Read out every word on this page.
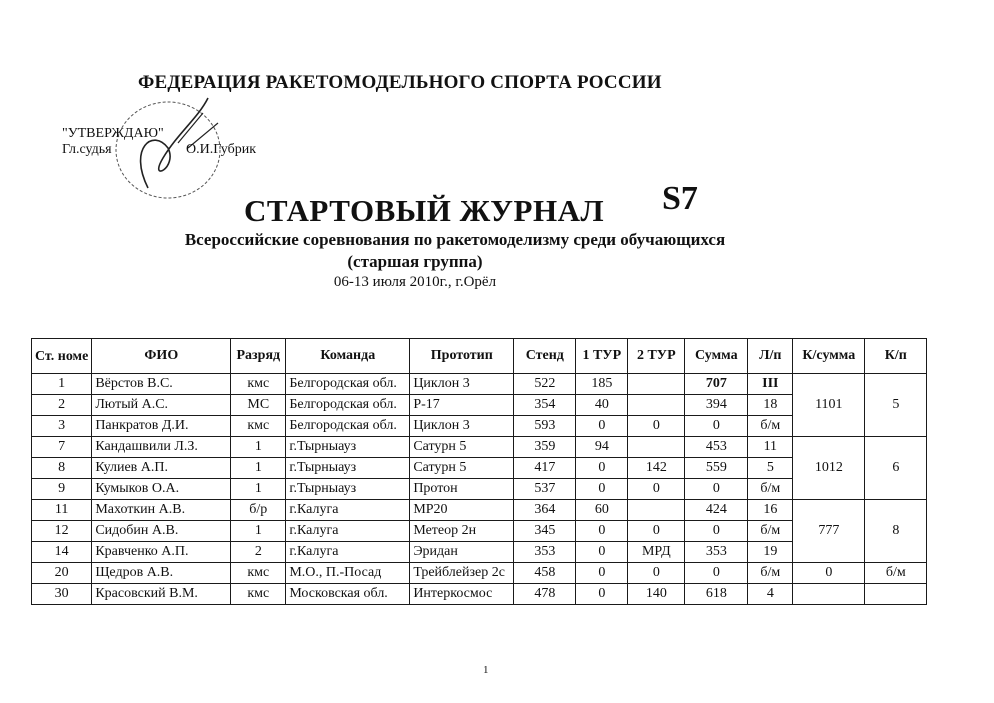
ФЕДЕРАЦИЯ РАКЕТОМОДЕЛЬНОГО СПОРТА РОССИИ
"УТВЕРЖДАЮ"
Гл.судья	О.И.Губрик
СТАРТОВЫЙ ЖУРНАЛ S7
Всероссийские соревнования по ракетомоделизму среди обучающихся
(старшая группа)
06-13 июля 2010г., г.Орёл
Ст. номе	ФИО	Разряд	Команда	Прототип	Стенд	1 ТУР	2 ТУР	Сумма	Л/п	К/сумма	К/п
1	Вёрстов В.С.	кмс	Белгородская обл.	Циклон 3	522	185		707	III	1101	5
2	Лютый А.С.	МС	Белгородская обл.	Р-17	354	40		394	18		
3	Панкратов Д.И.	кмс	Белгородская обл.	Циклон 3	593	0	0	0	б/м		
7	Кандашвили Л.З.	1	г.Тырныауз	Сатурн 5	359	94		453	11	1012	6
8	Кулиев А.П.	1	г.Тырныауз	Сатурн 5	417	0	142	559	5		
9	Кумыков О.А.	1	г.Тырныауз	Протон	537	0	0	0	б/м		
11	Махоткин А.В.	б/р	г.Калуга	МР20	364	60		424	16	777	8
12	Сидобин А.В.	1	г.Калуга	Метеор 2н	345	0	0	0	б/м		
14	Кравченко А.П.	2	г.Калуга	Эридан	353	0	МРД	353	19		
20	Щедров А.В.	кмс	М.О., П.-Посад	Трейблейзер 2с	458	0	0	0	б/м	0	б/м
30	Красовский В.М.	кмс	Московская обл.	Интеркосмос	478	0	140	618	4		
1
